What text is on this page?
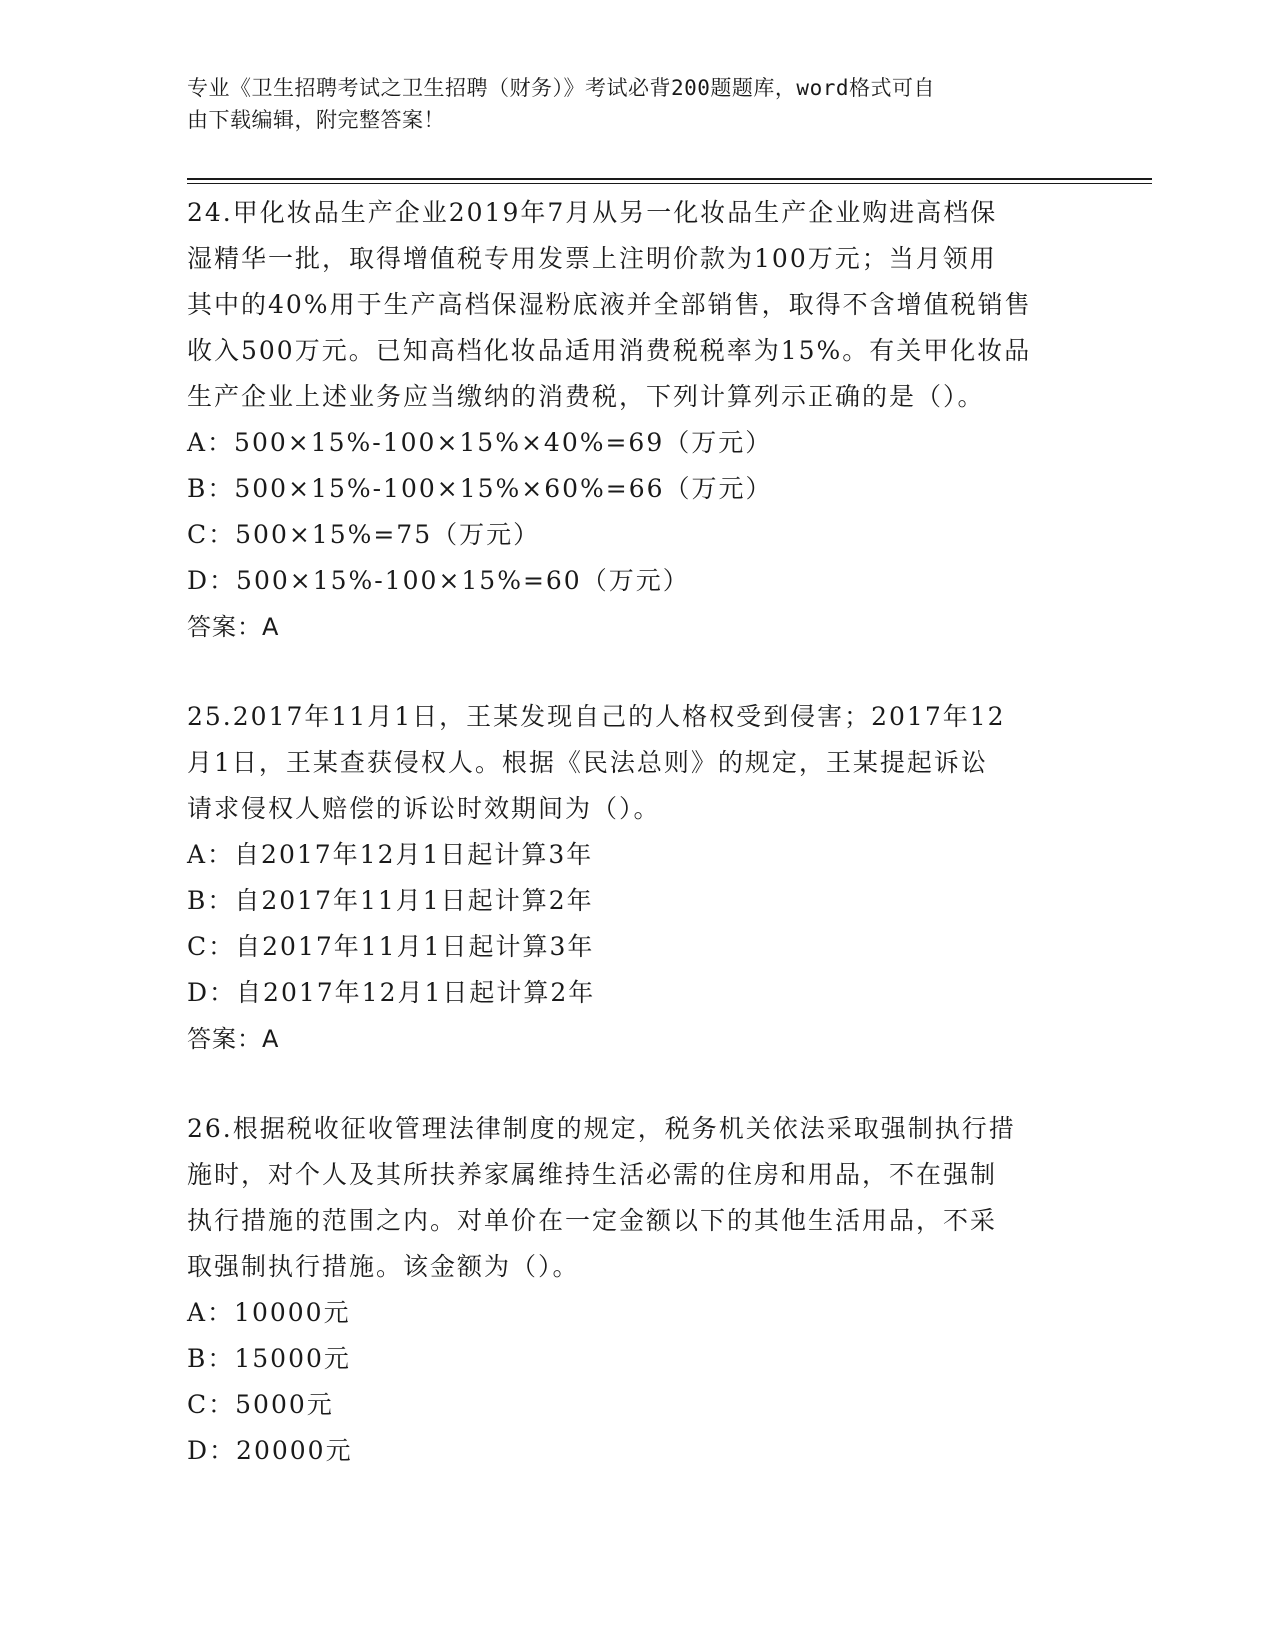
专业《卫生招聘考试之卫生招聘（财务）》考试必背200题题库，word格式可自
由下载编辑，附完整答案！
24.甲化妆品生产企业2019年7月从另一化妆品生产企业购进高档保
湿精华一批，取得增值税专用发票上注明价款为100万元；当月领用
其中的40%用于生产高档保湿粉底液并全部销售，取得不含增值税销售
收入500万元。已知高档化妆品适用消费税税率为15%。有关甲化妆品
生产企业上述业务应当缴纳的消费税，下列计算列示正确的是（）。
A：500×15%-100×15%×40%=69（万元）
B：500×15%-100×15%×60%=66（万元）
C：500×15%=75（万元）
D：500×15%-100×15%=60（万元）
答案：A
25.2017年11月1日，王某发现自己的人格权受到侵害；2017年12
月1日，王某查获侵权人。根据《民法总则》的规定，王某提起诉讼
请求侵权人赔偿的诉讼时效期间为（）。
A：自2017年12月1日起计算3年
B：自2017年11月1日起计算2年
C：自2017年11月1日起计算3年
D：自2017年12月1日起计算2年
答案：A
26.根据税收征收管理法律制度的规定，税务机关依法采取强制执行措
施时，对个人及其所扶养家属维持生活必需的住房和用品，不在强制
执行措施的范围之内。对单价在一定金额以下的其他生活用品，不采
取强制执行措施。该金额为（）。
A：10000元
B：15000元
C：5000元
D：20000元
